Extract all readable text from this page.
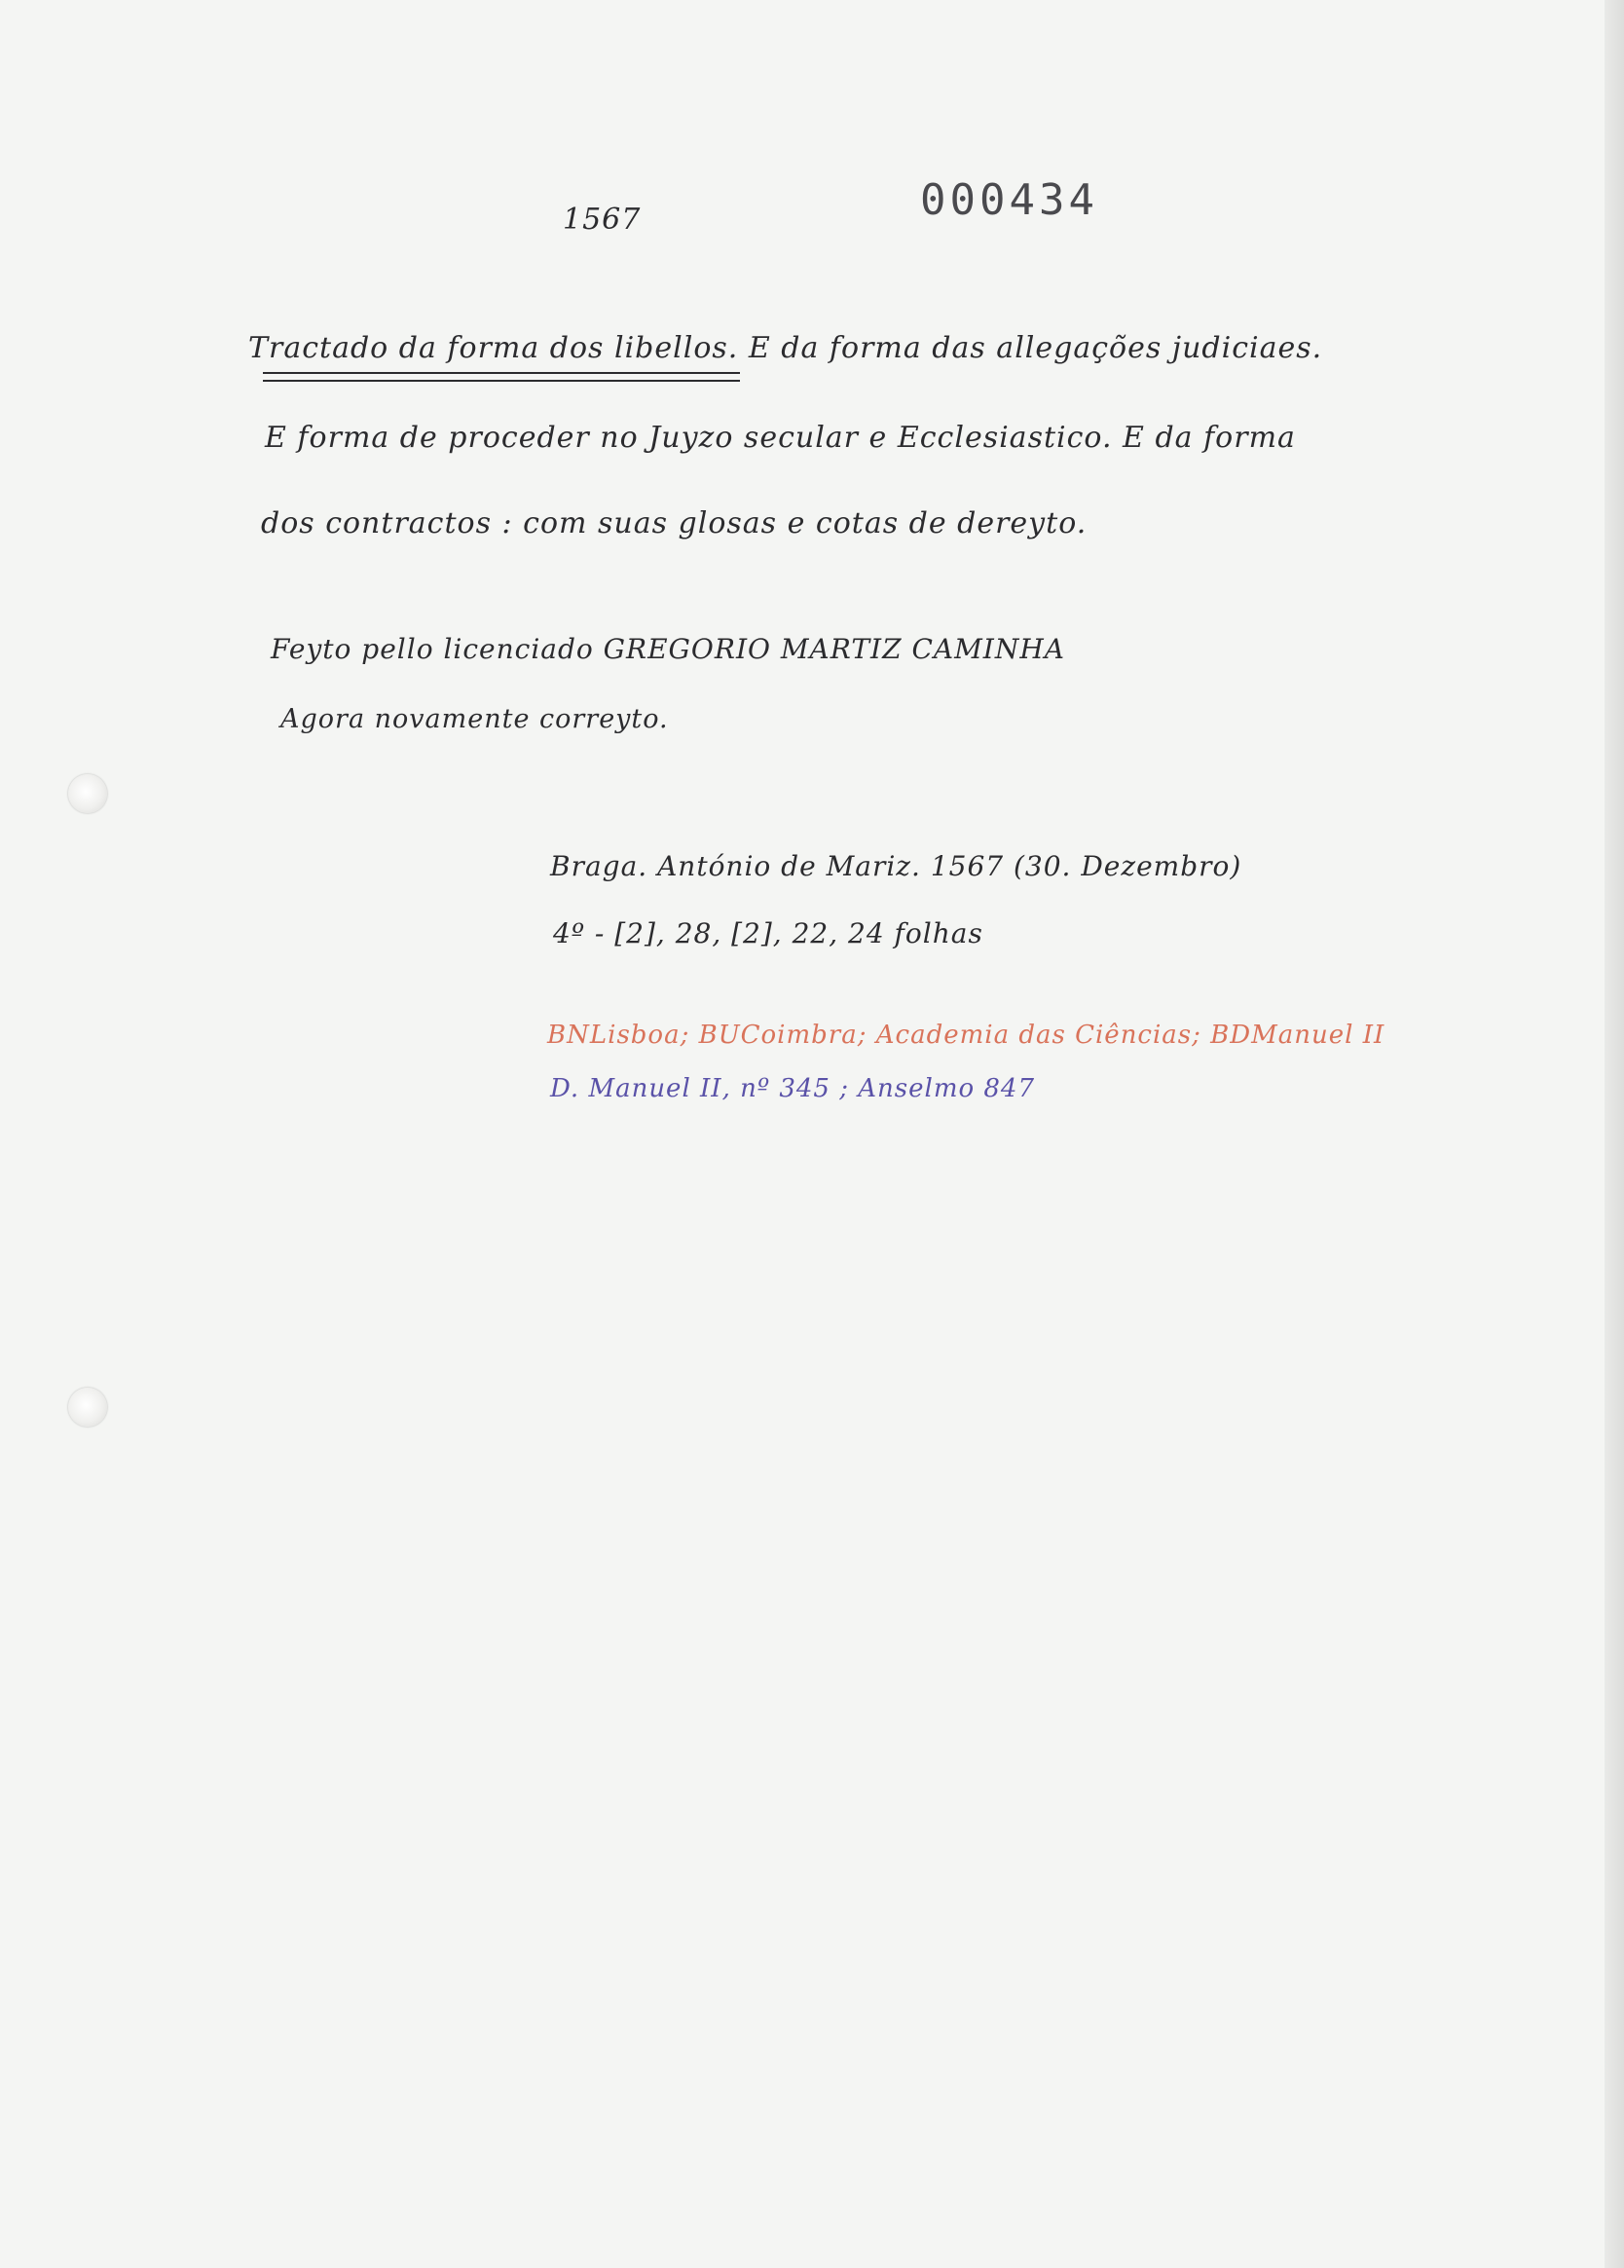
1567	000434
Tractado da forma dos libellos. E da forma das allegações judiciaes.
E forma de proceder no Juyzo secular e Ecclesiastico. E da forma
dos contractos : com suas glosas e cotas de dereyto.
Feyto pello licenciado GREGORIO MARTIZ CAMINHA
Agora novamente correyto.
Braga. António de Mariz. 1567 (30. Dezembro)
4º - [2], 28, [2], 22, 24 folhas
BNLisboa; BUCoimbra; Academia das Ciências; BDManuel II
D. Manuel II, nº 345 ; Anselmo 847
